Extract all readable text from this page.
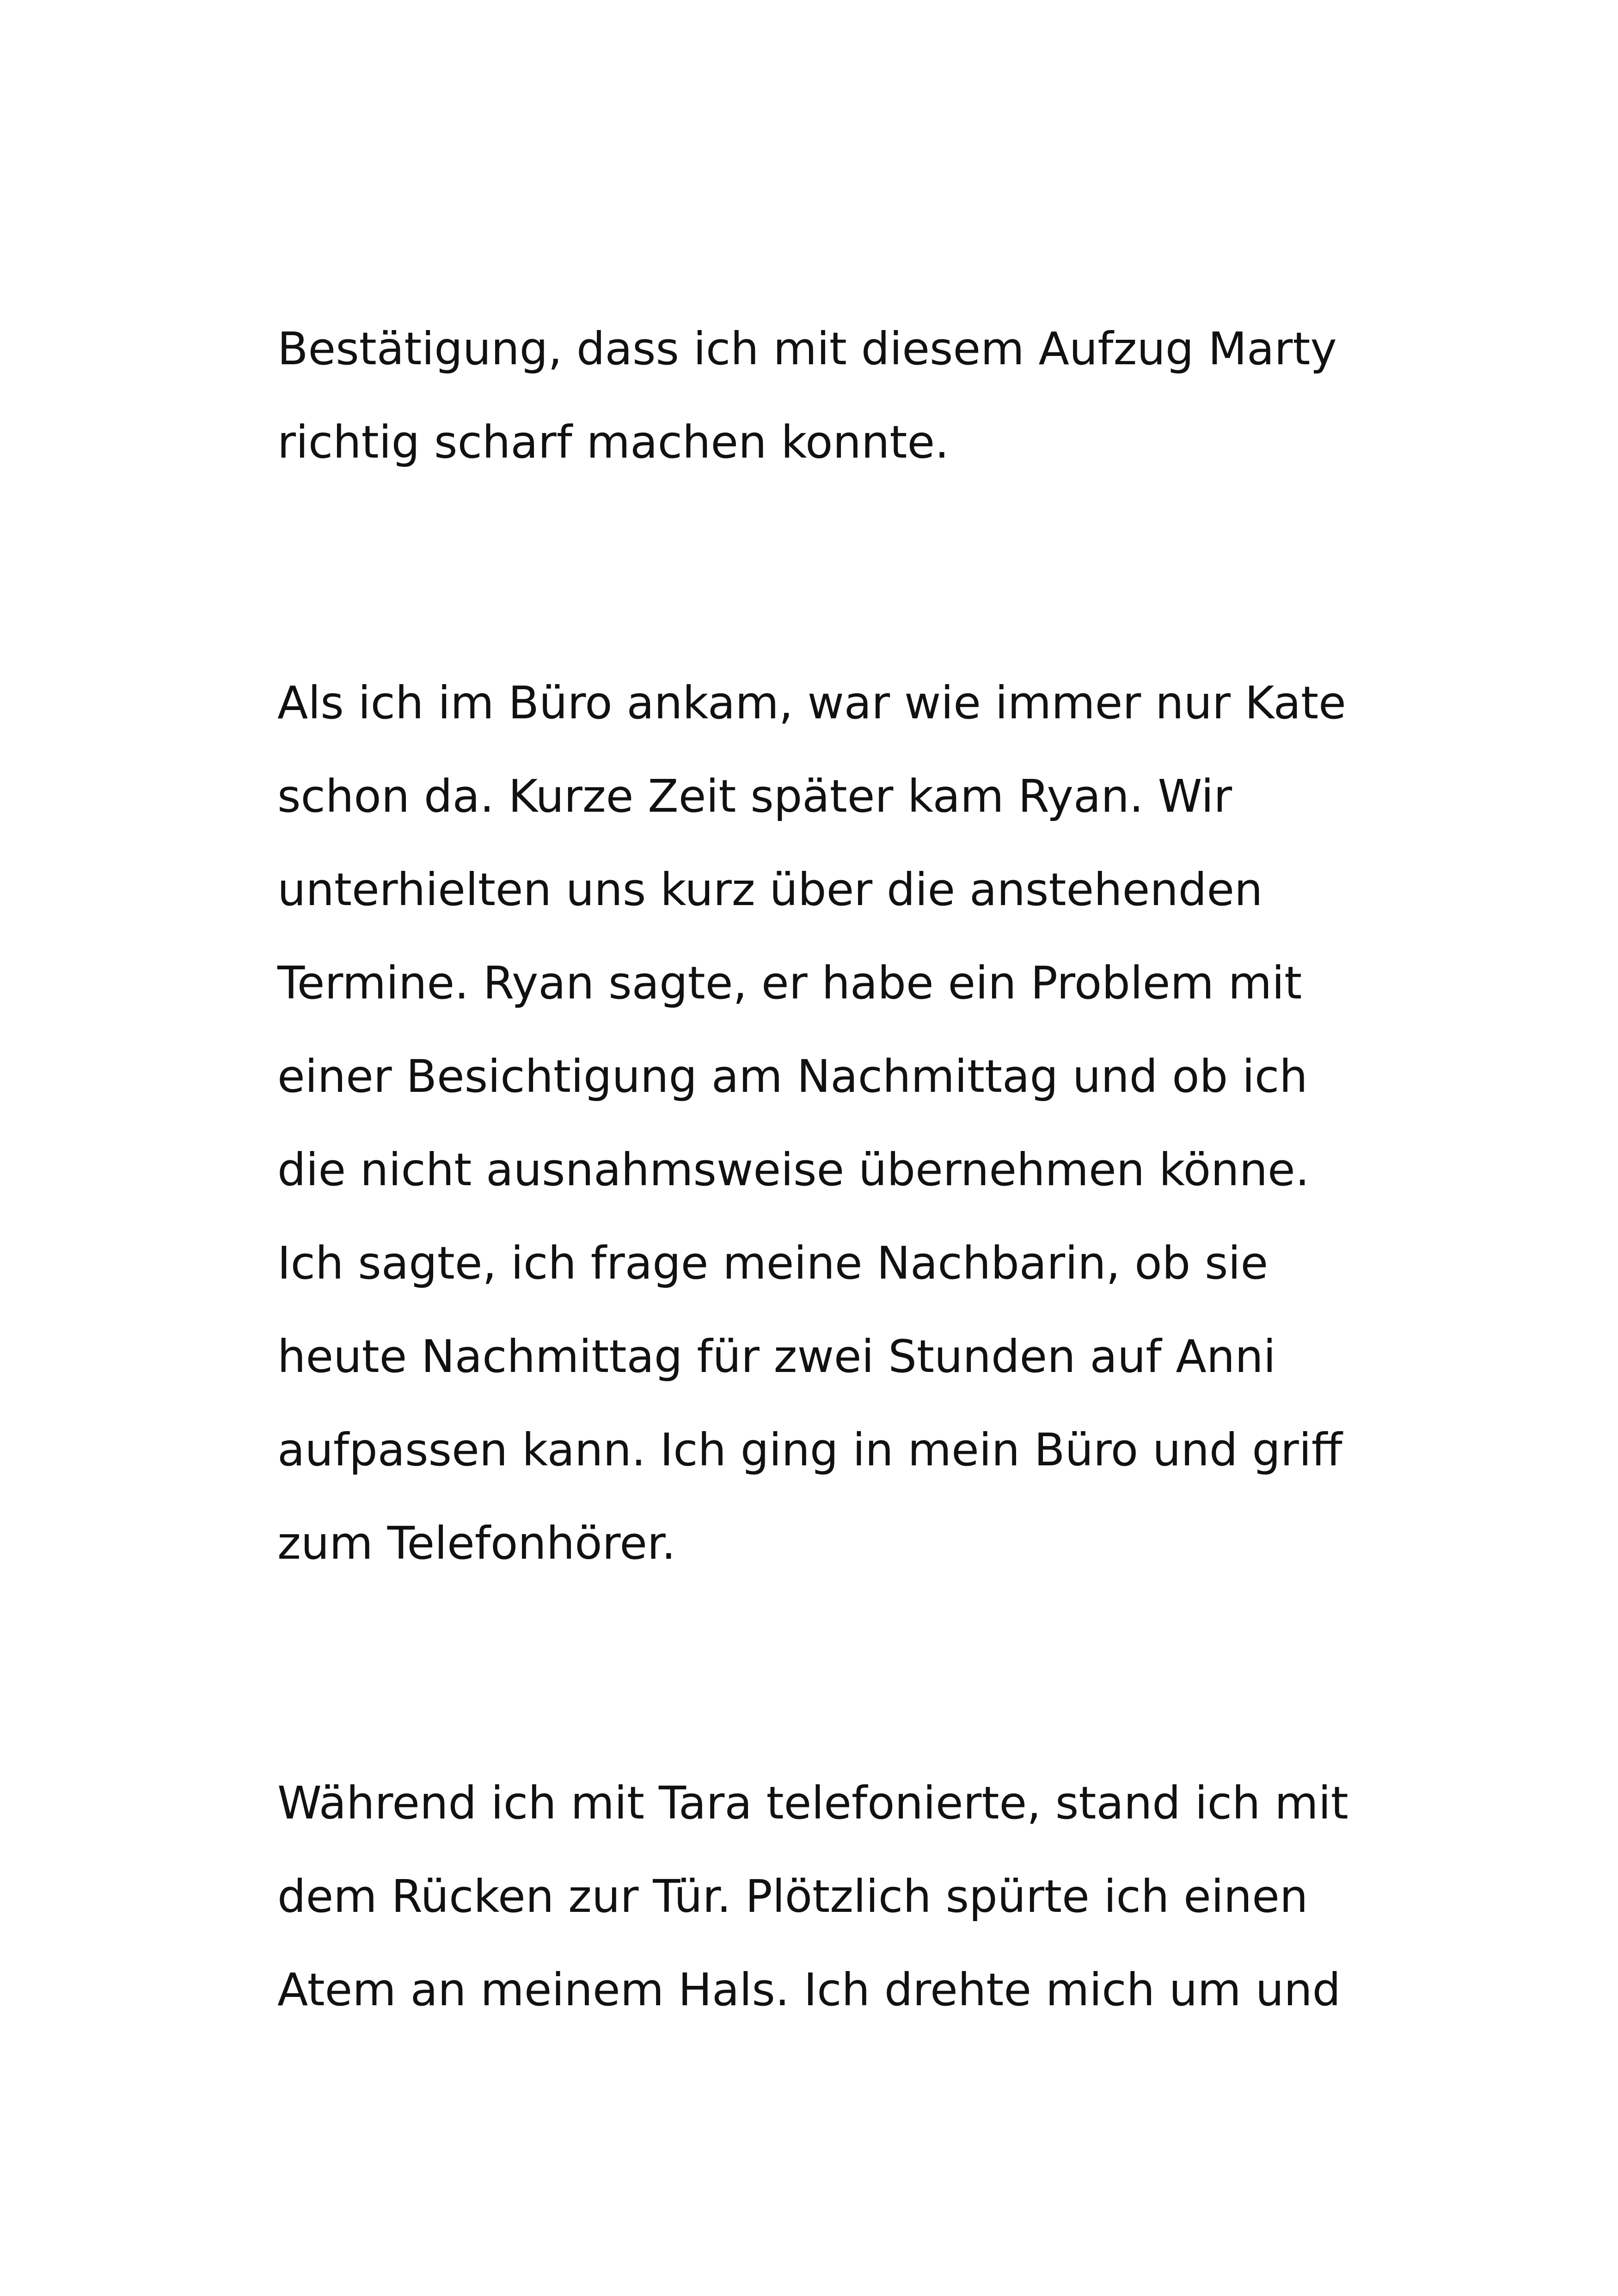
Bestätigung, dass ich mit diesem Aufzug Marty
richtig scharf machen konnte.
Als ich im Büro ankam, war wie immer nur Kate
schon da. Kurze Zeit später kam Ryan. Wir
unterhielten uns kurz über die anstehenden
Termine. Ryan sagte, er habe ein Problem mit
einer Besichtigung am Nachmittag und ob ich
die nicht ausnahmsweise übernehmen könne.
Ich sagte, ich frage meine Nachbarin, ob sie
heute Nachmittag für zwei Stunden auf Anni
aufpassen kann. Ich ging in mein Büro und griff
zum Telefonhörer.
Während ich mit Tara telefonierte, stand ich mit
dem Rücken zur Tür. Plötzlich spürte ich einen
Atem an meinem Hals. Ich drehte mich um und
